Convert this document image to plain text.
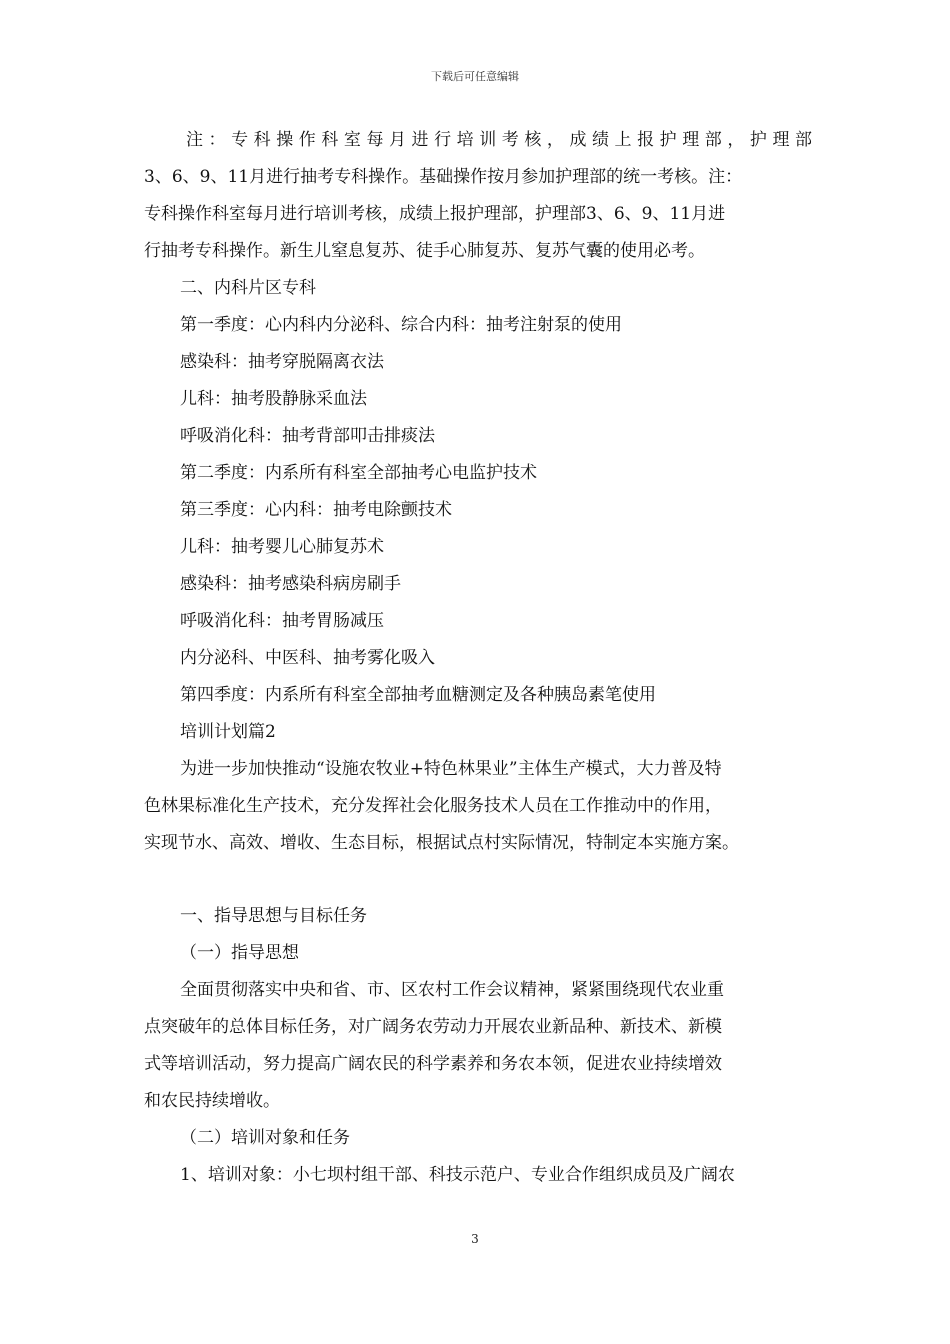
下载后可任意编辑
注：专科操作科室每月进行培训考核，成绩上报护理部，护理部
3、6、9、11月进行抽考专科操作。基础操作按月参加护理部的统一考核。注：
专科操作科室每月进行培训考核，成绩上报护理部，护理部3、6、9、11月进
行抽考专科操作。新生儿窒息复苏、徒手心肺复苏、复苏气囊的使用必考。
二、内科片区专科
第一季度：心内科内分泌科、综合内科：抽考注射泵的使用
感染科：抽考穿脱隔离衣法
儿科：抽考股静脉采血法
呼吸消化科：抽考背部叩击排痰法
第二季度：内系所有科室全部抽考心电监护技术
第三季度：心内科：抽考电除颤技术
儿科：抽考婴儿心肺复苏术
感染科：抽考感染科病房刷手
呼吸消化科：抽考胃肠减压
内分泌科、中医科、抽考雾化吸入
第四季度：内系所有科室全部抽考血糖测定及各种胰岛素笔使用
培训计划篇2
为进一步加快推动“设施农牧业+特色林果业”主体生产模式，大力普及特
色林果标准化生产技术，充分发挥社会化服务技术人员在工作推动中的作用，
实现节水、高效、增收、生态目标，根据试点村实际情况，特制定本实施方案。
一、指导思想与目标任务
（一）指导思想
全面贯彻落实中央和省、市、区农村工作会议精神，紧紧围绕现代农业重
点突破年的总体目标任务，对广阔务农劳动力开展农业新品种、新技术、新模
式等培训活动，努力提高广阔农民的科学素养和务农本领，促进农业持续增效
和农民持续增收。
（二）培训对象和任务
1、培训对象：小七坝村组干部、科技示范户、专业合作组织成员及广阔农
3
